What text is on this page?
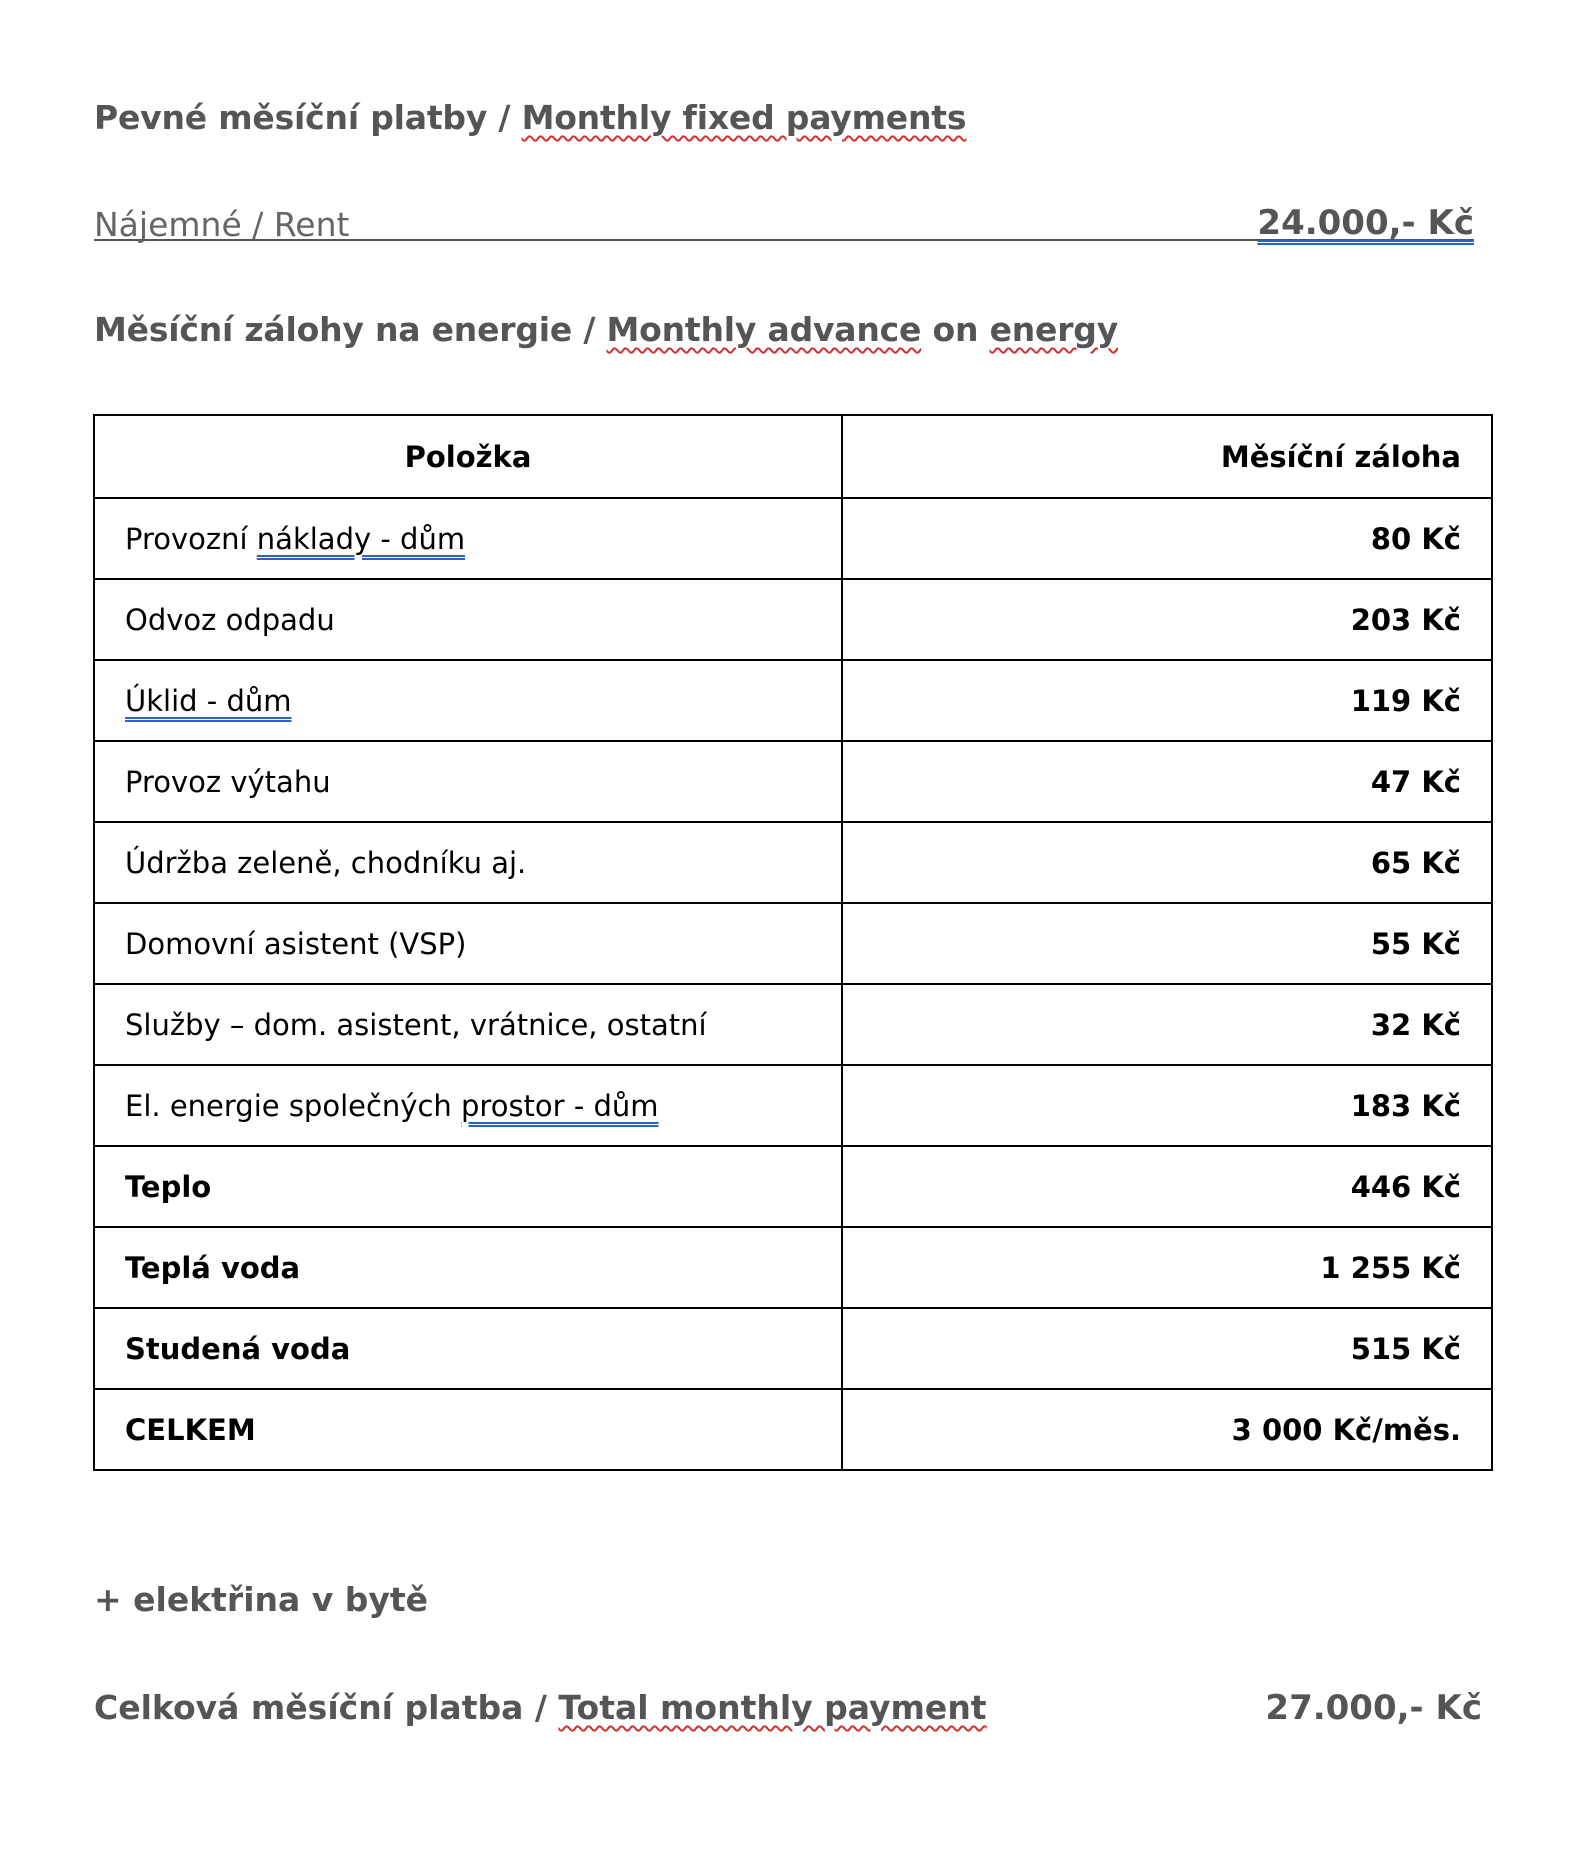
Pevné měsíční platby / Monthly fixed payments
Nájemné / Rent	24.000,- Kč
Měsíční zálohy na energie / Monthly advance on energy
Položka	Měsíční záloha
Provozní náklady - dům	80 Kč
Odvoz odpadu	203 Kč
Úklid - dům	119 Kč
Provoz výtahu	47 Kč
Údržba zeleně, chodníku aj.	65 Kč
Domovní asistent (VSP)	55 Kč
Služby – dom. asistent, vrátnice, ostatní	32 Kč
El. energie společných prostor - dům	183 Kč
Teplo	446 Kč
Teplá voda	1 255 Kč
Studená voda	515 Kč
CELKEM	3 000 Kč/měs.
+ elektřina v bytě
Celková měsíční platba / Total monthly payment	27.000,- Kč
